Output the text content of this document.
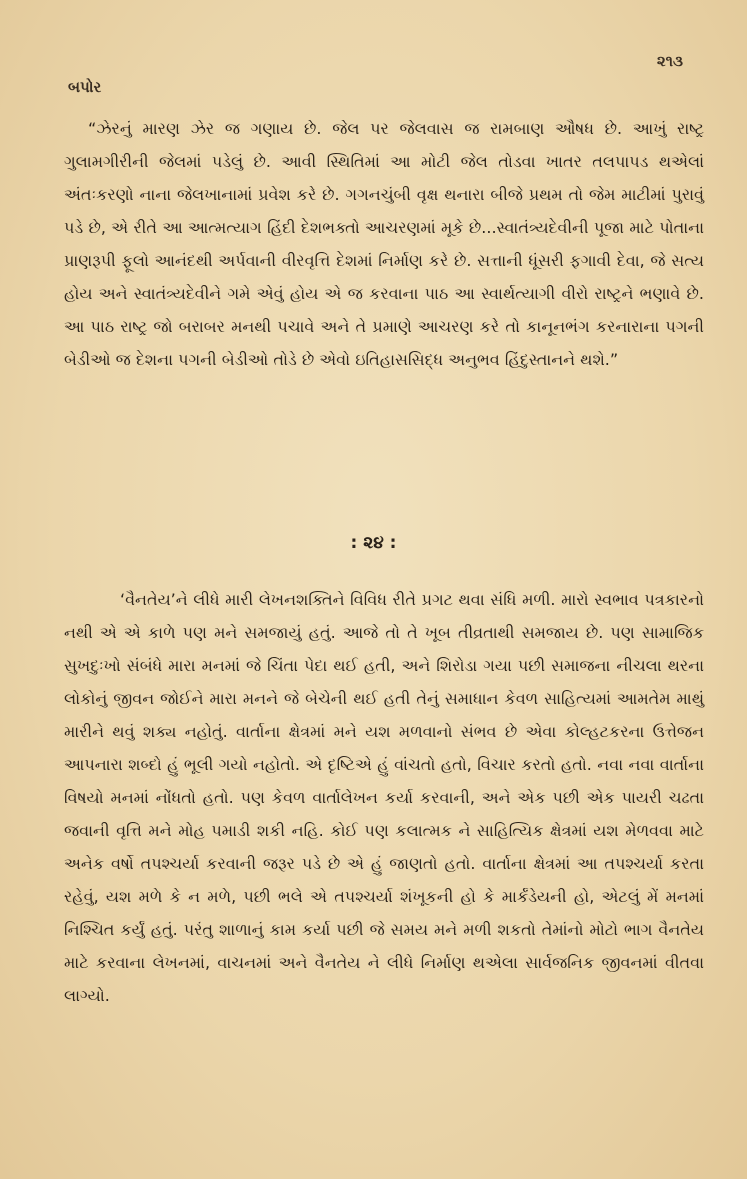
બપોર
૨૧૩
“ઝેરનું મારણ ઝેર જ ગણાય છે. જેલ પર જેલવાસ જ રામબાણ ઔષધ છે. આખું રાષ્ટ્ર ગુલામગીરીની જેલમાં પડેલું છે. આવી સ્થિતિમાં આ મોટી જેલ તોડવા ખાતર તલપાપડ થએલાં અંતઃકરણો નાના જેલખાનામાં પ્રવેશ કરે છે. ગગનચુંબી વૃક્ષ થનારા બીજે પ્રથમ તો જેમ માટીમાં પુરાવું પડે છે, એ રીતે આ આત્મત્યાગ હિંદી દેશભક્તો આચરણમાં મૂકે છે...સ્વાતંત્ર્યદેવીની પૂજા માટે પોતાના પ્રાણરૂપી ફૂલો આનંદથી અર્પવાની વીરવૃત્તિ દેશમાં નિર્માણ કરે છે. સત્તાની ધૂંસરી ફગાવી દેવા, જે સત્ય હોય અને સ્વાતંત્ર્યદેવીને ગમે એવું હોય એ જ કરવાના પાઠ આ સ્વાર્થત્યાગી વીરો રાષ્ટ્રને ભણાવે છે. આ પાઠ રાષ્ટ્ર જો બરાબર મનથી પચાવે અને તે પ્રમાણે આચરણ કરે તો કાનૂનભંગ કરનારાના પગની બેડીઓ જ દેશના પગની બેડીઓ તોડે છે એવો ઇતિહાસસિદ્ધ અનુભવ હિંદુસ્તાનને થશે.”
: ૨૪ :
‘વૈનતેય’ને લીધે મારી લેખનશક્તિને વિવિધ રીતે પ્રગટ થવા સંધિ મળી. મારો સ્વભાવ પત્રકારનો નથી એ એ કાળે પણ મને સમજાયું હતું. આજે તો તે ખૂબ તીવ્રતાથી સમજાય છે. પણ સામાજિક સુખદુઃખો સંબંધે મારા મનમાં જે ચિંતા પેદા થઈ હતી, અને શિરોડા ગયા પછી સમાજના નીચલા થરના લોકોનું જીવન જોઈને મારા મનને જે બેચેની થઈ હતી તેનું સમાધાન કેવળ સાહિત્યમાં આમતેમ માથું મારીને થવું શક્ય નહોતું. વાર્તાના ક્ષેત્રમાં મને યશ મળવાનો સંભવ છે એવા કોલ્હટકરના ઉત્તેજન આપનારા શબ્દો હું ભૂલી ગયો નહોતો. એ દૃષ્ટિએ હું વાંચતો હતો, વિચાર કરતો હતો. નવા નવા વાર્તાના વિષયો મનમાં નોંધતો હતો. પણ કેવળ વાર્તાલેખન કર્યા કરવાની, અને એક પછી એક પાયરી ચઢતા જવાની વૃત્તિ મને મોહ પમાડી શકી નહિ. કોઈ પણ કલાત્મક ને સાહિત્યિક ક્ષેત્રમાં યશ મેળવવા માટે અનેક વર્ષો તપશ્ચર્યા કરવાની જરૂર પડે છે એ હું જાણતો હતો. વાર્તાના ક્ષેત્રમાં આ તપશ્ચર્યા કરતા રહેવું, યશ મળે કે ન મળે, પછી ભલે એ તપશ્ચર્યા શંખૂકની હો કે માર્કંડેયની હો, એટલું મેં મનમાં નિશ્ચિત કર્યું હતું. પરંતુ શાળાનું કામ કર્યા પછી જે સમય મને મળી શકતો તેમાંનો મોટો ભાગ વૈનતેય માટે કરવાના લેખનમાં, વાચનમાં અને વૈનતેય ને લીધે નિર્માણ થએલા સાર્વજનિક જીવનમાં વીતવા લાગ્યો.
